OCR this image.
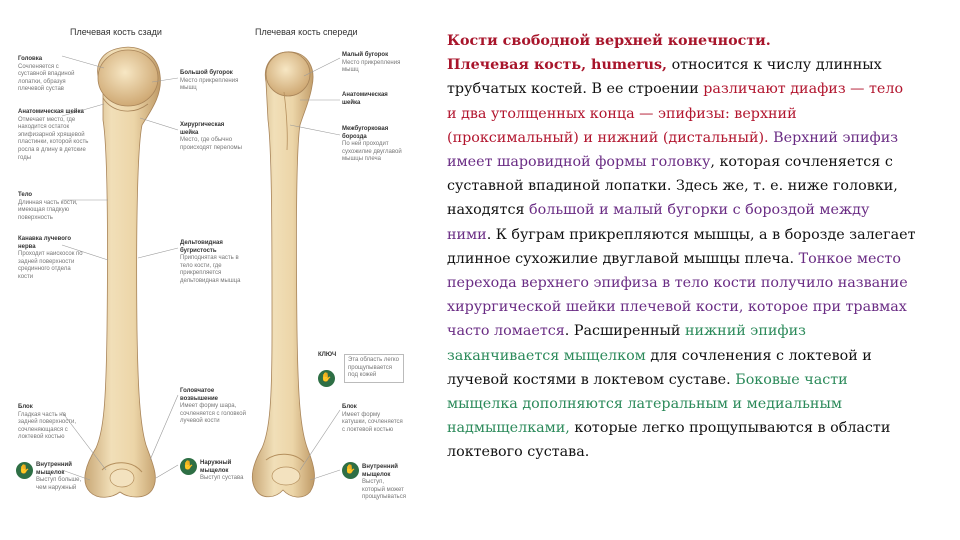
Плечевая кость сзади	Плечевая кость спереди
Головка
Сочленяется с суставной впадиной лопатки, образуя плечевой сустав
Анатомическая шейка
Отмечает место, где находится остаток эпифизарной хрящевой пластинки, которой кость росла в длину в детские годы
Тело
Длинная часть кости, имеющая гладкую поверхность
Канавка лучевого нерва
Проходит наискосок по задней поверхности срединного отдела кости
Блок
Гладкая часть на задней поверхности, сочленяющаяся с локтевой костью
✋ Внутренний мыщелок
Выступ больше, чем наружный
Большой бугорок
Место прикрепления мышц
Хирургическая шейка
Место, где обычно происходят переломы
Дельтовидная бугристость
Приподнятая часть в тело кости, где прикрепляется дельтовидная мышца
Головчатое возвышение
Имеет форму шара, сочленяется с головкой лучевой кости
✋ Наружный мыщелок
Выступ сустава
Малый бугорок
Место прикрепления мышц
Анатомическая шейка
Межбугорковая борозда
По ней проходит сухожилие двуглавой мышцы плеча
КЛЮЧ
✋
Эта область легко прощупывается под кожей
Блок
Имеет форму катушки, сочленяется с локтевой костью
✋ Внутренний мыщелок
Выступ, который может прощупываться
Кости свободной верхней конечности.
Плечевая кость, humerus, относится к числу длинных трубчатых костей. В ее строении различают диафиз — тело и два утолщенных конца — эпифизы: верхний (проксимальный) и нижний (дистальный). Верхний эпифиз имеет шаровидной формы головку, которая сочленяется с суставной впадиной лопатки. Здесь же, т. е. ниже головки, находятся большой и малый бугорки с бороздой между ними. К буграм прикрепляются мышцы, а в борозде залегает длинное сухожилие двуглавой мышцы плеча. Тонкое место перехода верхнего эпифиза в тело кости получило название хирургической шейки плечевой кости, которое при травмах часто ломается. Расширенный нижний эпифиз заканчивается мыщелком для сочленения с локтевой и лучевой костями в локтевом суставе. Боковые части мыщелка дополняются латеральным и медиальным надмыщелками, которые легко прощупываются в области локтевого сустава.
